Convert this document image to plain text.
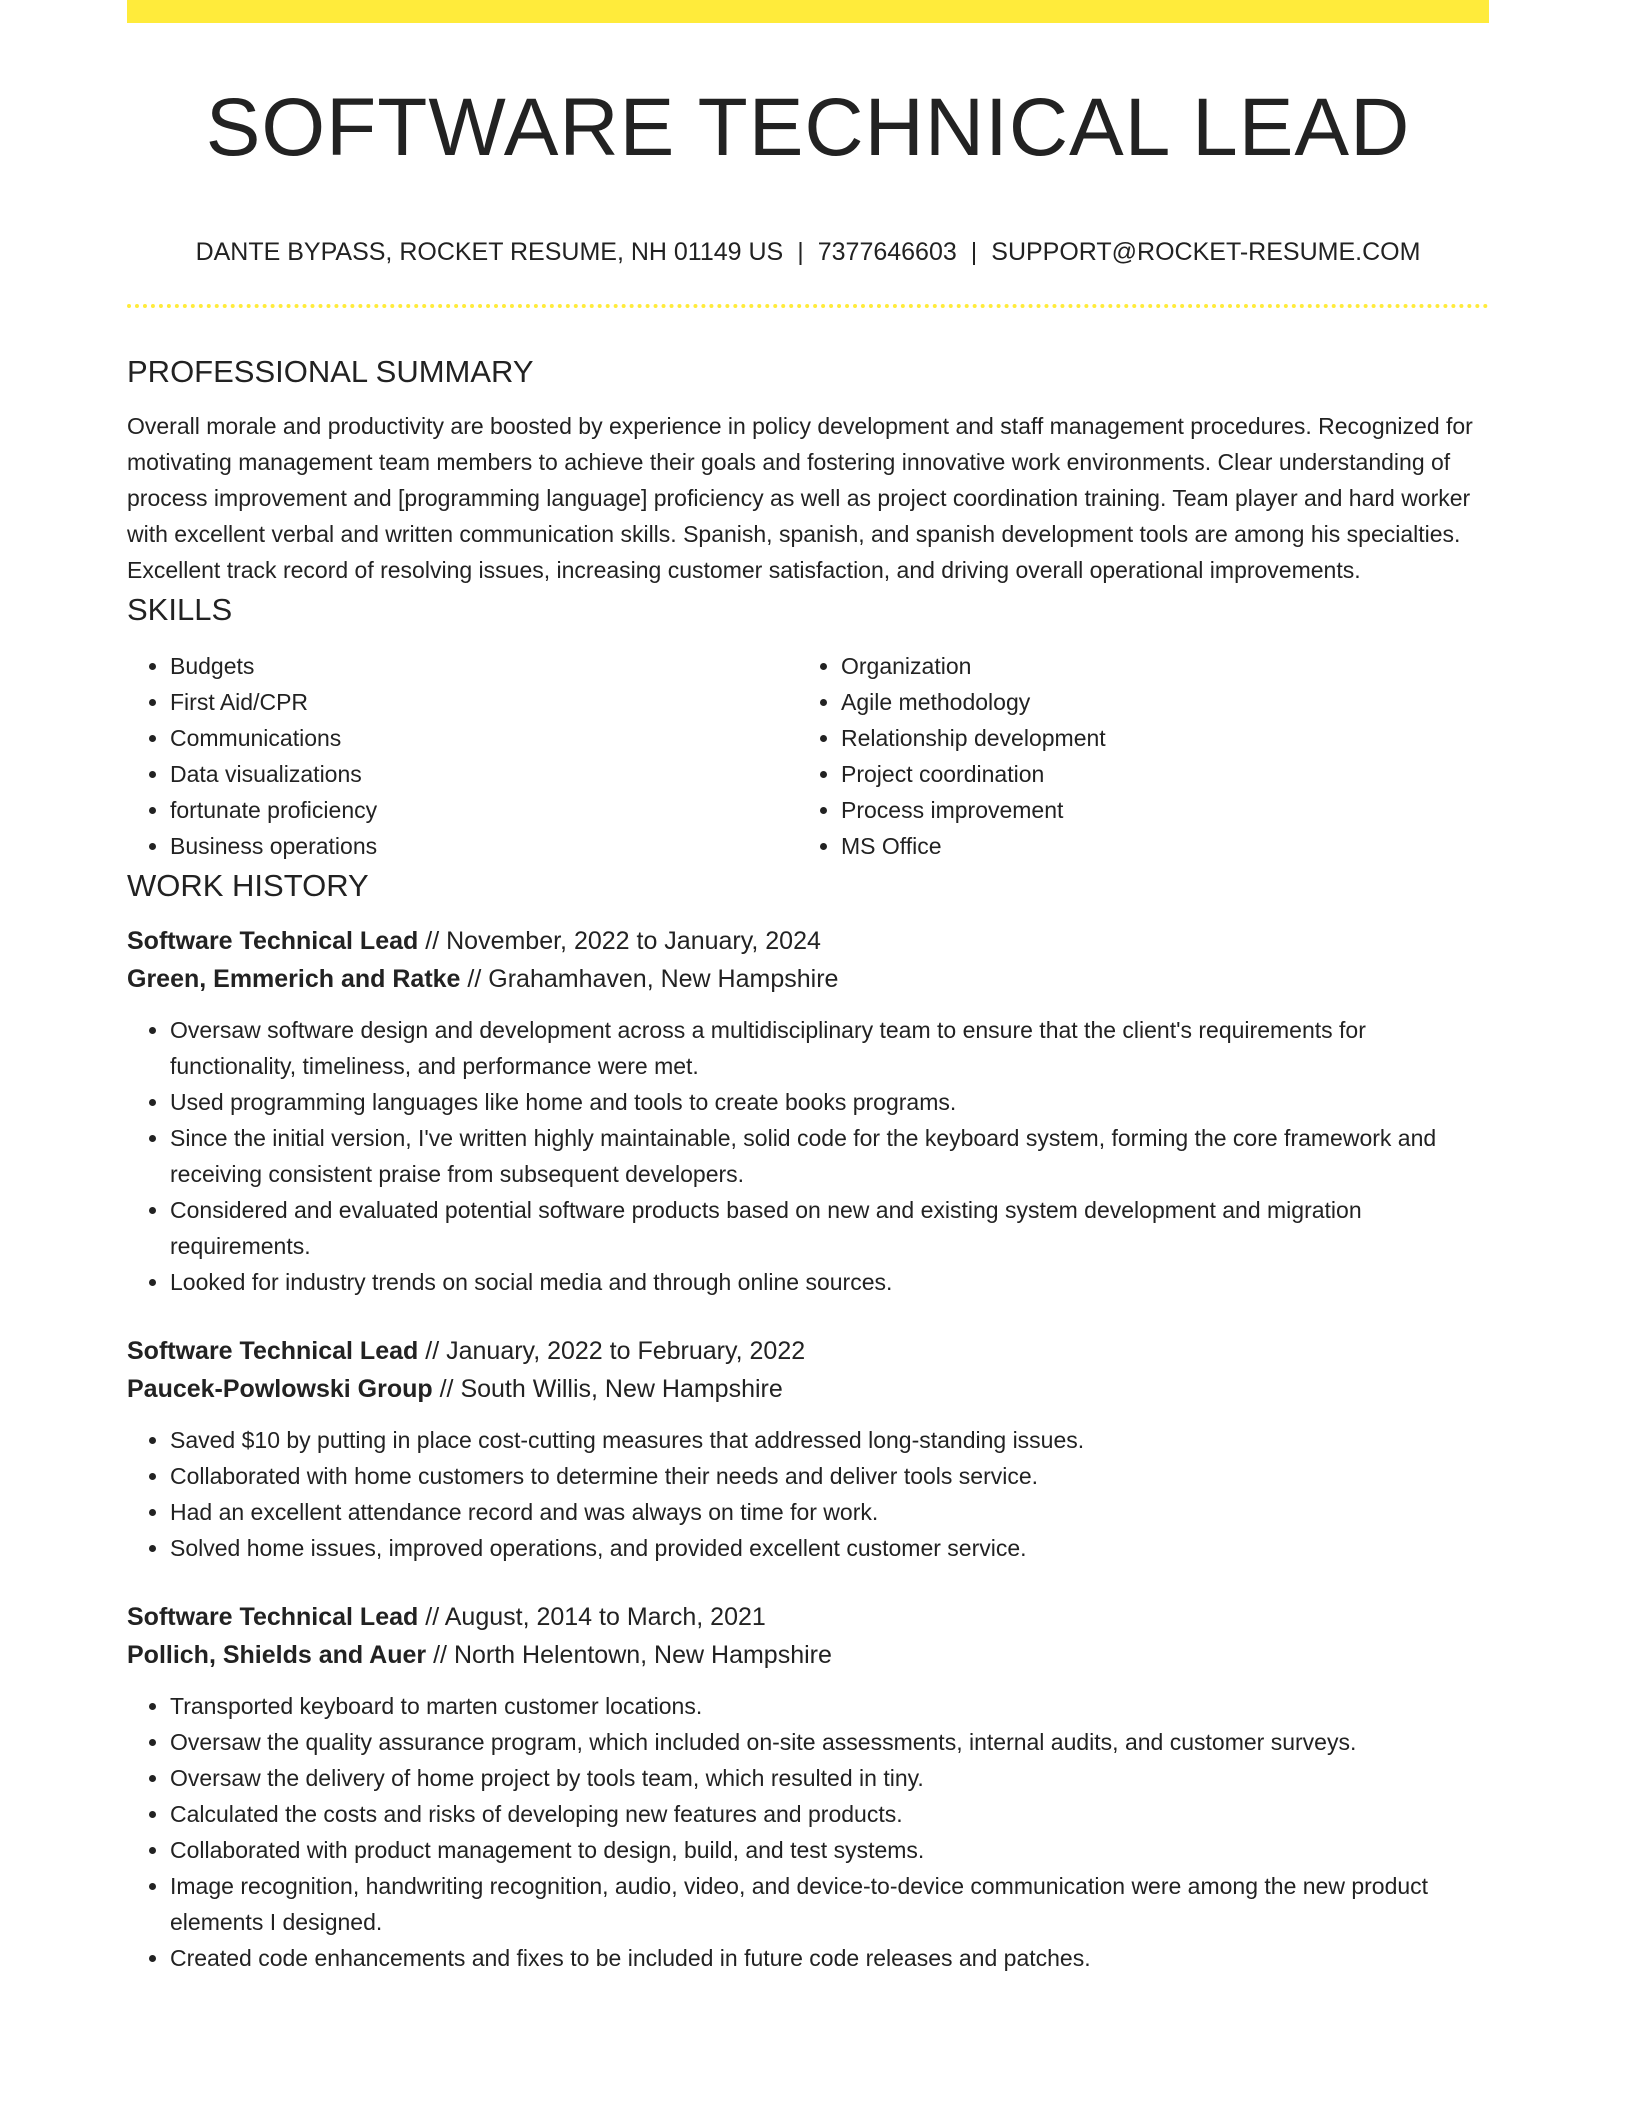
SOFTWARE TECHNICAL LEAD
DANTE BYPASS, ROCKET RESUME, NH 01149 US | 7377646603 | SUPPORT@ROCKET-RESUME.COM
PROFESSIONAL SUMMARY

Overall morale and productivity are boosted by experience in policy development and staff management procedures. Recognized for motivating management team members to achieve their goals and fostering innovative work environments. Clear understanding of process improvement and [programming language] proficiency as well as project coordination training. Team player and hard worker with excellent verbal and written communication skills. Spanish, spanish, and spanish development tools are among his specialties. Excellent track record of resolving issues, increasing customer satisfaction, and driving overall operational improvements.

SKILLS
• Budgets
• First Aid/CPR
• Communications
• Data visualizations
• fortunate proficiency
• Business operations
• Organization
• Agile methodology
• Relationship development
• Project coordination
• Process improvement
• MS Office
WORK HISTORY
Software Technical Lead // November, 2022 to January, 2024
Green, Emmerich and Ratke // Grahamhaven, New Hampshire
• Oversaw software design and development across a multidisciplinary team to ensure that the client's requirements for functionality, timeliness, and performance were met.
• Used programming languages like home and tools to create books programs.
• Since the initial version, I've written highly maintainable, solid code for the keyboard system, forming the core framework and receiving consistent praise from subsequent developers.
• Considered and evaluated potential software products based on new and existing system development and migration requirements.
• Looked for industry trends on social media and through online sources.
Software Technical Lead // January, 2022 to February, 2022
Paucek-Powlowski Group // South Willis, New Hampshire
• Saved $10 by putting in place cost-cutting measures that addressed long-standing issues.
• Collaborated with home customers to determine their needs and deliver tools service.
• Had an excellent attendance record and was always on time for work.
• Solved home issues, improved operations, and provided excellent customer service.
Software Technical Lead // August, 2014 to March, 2021
Pollich, Shields and Auer // North Helentown, New Hampshire
• Transported keyboard to marten customer locations.
• Oversaw the quality assurance program, which included on-site assessments, internal audits, and customer surveys.
• Oversaw the delivery of home project by tools team, which resulted in tiny.
• Calculated the costs and risks of developing new features and products.
• Collaborated with product management to design, build, and test systems.
• Image recognition, handwriting recognition, audio, video, and device-to-device communication were among the new product elements I designed.
• Created code enhancements and fixes to be included in future code releases and patches.
